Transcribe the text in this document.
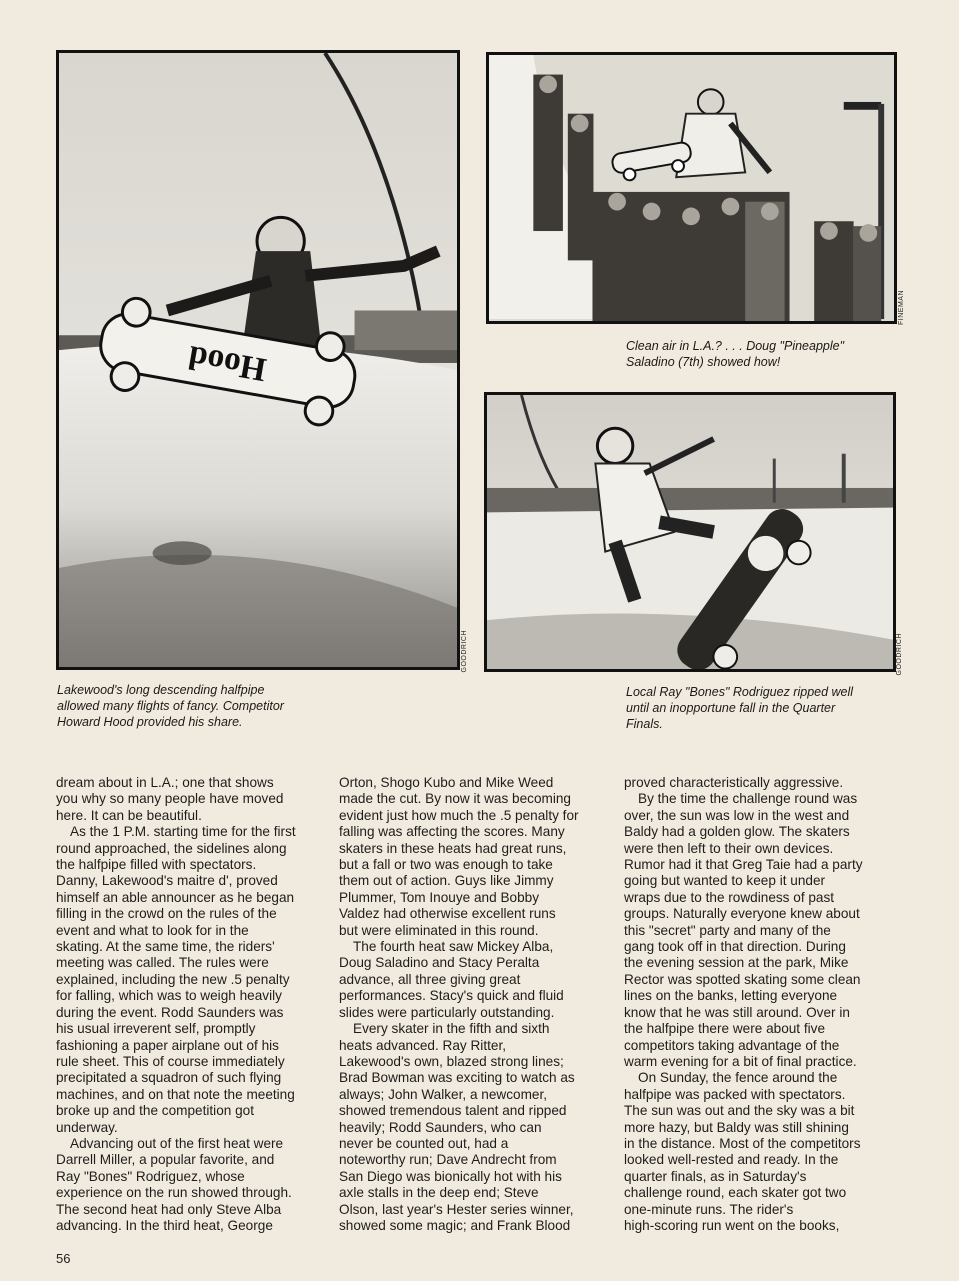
Hood
GOODRICH
FINEMAN

Clean air in L.A.? . . . Doug "Pineapple"

Saladino (7th) showed how!

GOODRICH

Lakewood's long descending halfpipe

allowed many flights of fancy. Competitor

Howard Hood provided his share.

Local Ray "Bones" Rodriguez ripped well

until an inopportune fall in the Quarter

Finals.

dream about in L.A.; one that shows
you why so many people have moved
here. It can be beautiful.
As the 1 P.M. starting time for the first
round approached, the sidelines along
the halfpipe filled with spectators.
Danny, Lakewood's maitre d', proved
himself an able announcer as he began
filling in the crowd on the rules of the
event and what to look for in the
skating. At the same time, the riders'
meeting was called. The rules were
explained, including the new .5 penalty
for falling, which was to weigh heavily
during the event. Rodd Saunders was
his usual irreverent self, promptly
fashioning a paper airplane out of his
rule sheet. This of course immediately
precipitated a squadron of such flying
machines, and on that note the meeting
broke up and the competition got
underway.
Advancing out of the first heat were
Darrell Miller, a popular favorite, and
Ray "Bones" Rodriguez, whose
experience on the run showed through.
The second heat had only Steve Alba
advancing. In the third heat, George
Orton, Shogo Kubo and Mike Weed
made the cut. By now it was becoming
evident just how much the .5 penalty for
falling was affecting the scores. Many
skaters in these heats had great runs,
but a fall or two was enough to take
them out of action. Guys like Jimmy
Plummer, Tom Inouye and Bobby
Valdez had otherwise excellent runs
but were eliminated in this round.
The fourth heat saw Mickey Alba,
Doug Saladino and Stacy Peralta
advance, all three giving great
performances. Stacy's quick and fluid
slides were particularly outstanding.
Every skater in the fifth and sixth
heats advanced. Ray Ritter,
Lakewood's own, blazed strong lines;
Brad Bowman was exciting to watch as
always; John Walker, a newcomer,
showed tremendous talent and ripped
heavily; Rodd Saunders, who can
never be counted out, had a
noteworthy run; Dave Andrecht from
San Diego was bionically hot with his
axle stalls in the deep end; Steve
Olson, last year's Hester series winner,
showed some magic; and Frank Blood
proved characteristically aggressive.
By the time the challenge round was
over, the sun was low in the west and
Baldy had a golden glow. The skaters
were then left to their own devices.
Rumor had it that Greg Taie had a party
going but wanted to keep it under
wraps due to the rowdiness of past
groups. Naturally everyone knew about
this "secret" party and many of the
gang took off in that direction. During
the evening session at the park, Mike
Rector was spotted skating some clean
lines on the banks, letting everyone
know that he was still around. Over in
the halfpipe there were about five
competitors taking advantage of the
warm evening for a bit of final practice.
On Sunday, the fence around the
halfpipe was packed with spectators.
The sun was out and the sky was a bit
more hazy, but Baldy was still shining
in the distance. Most of the competitors
looked well-rested and ready. In the
quarter finals, as in Saturday's
challenge round, each skater got two
one-minute runs. The rider's
high-scoring run went on the books,
56
